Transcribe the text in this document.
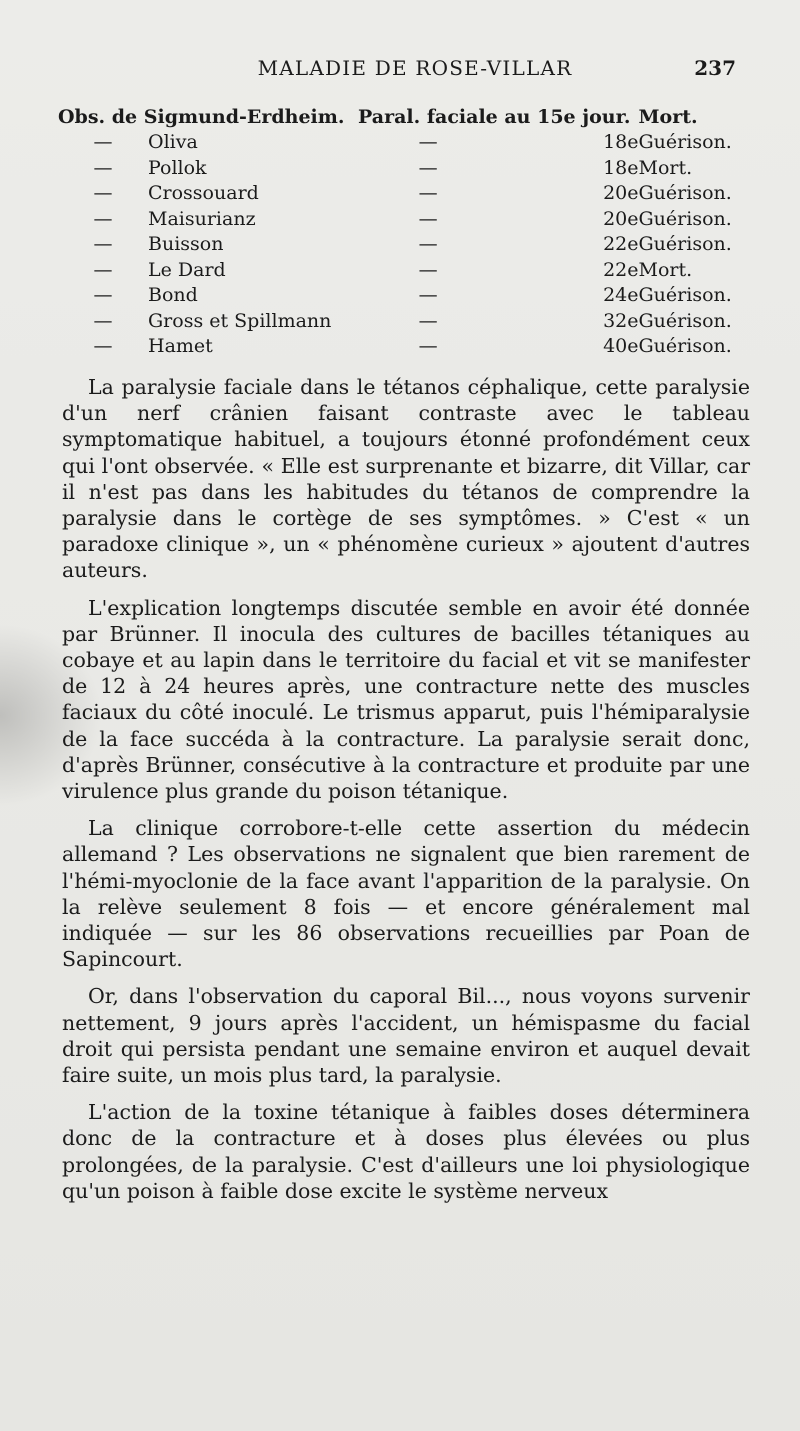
MALADIE DE ROSE-VILLAR	237
Obs. de Sigmund-Erdheim.		Paral. faciale au 15e jour.		Mort.
—	Oliva	—	18e	Guérison.
—	Pollok	—	18e	Mort.
—	Crossouard	—	20e	Guérison.
—	Maisurianz	—	20e	Guérison.
—	Buisson	—	22e	Guérison.
—	Le Dard	—	22e	Mort.
—	Bond	—	24e	Guérison.
—	Gross et Spillmann	—	32e	Guérison.
—	Hamet	—	40e	Guérison.

La paralysie faciale dans le tétanos céphalique, cette paralysie d'un nerf crânien faisant contraste avec le tableau symptomatique habituel, a toujours étonné profondément ceux qui l'ont observée. « Elle est surprenante et bizarre, dit Villar, car il n'est pas dans les habitudes du tétanos de comprendre la paralysie dans le cortège de ses symptômes. » C'est « un paradoxe clinique », un « phénomène curieux » ajoutent d'autres auteurs.

L'explication longtemps discutée semble en avoir été donnée par Brünner. Il inocula des cultures de bacilles tétaniques au cobaye et au lapin dans le territoire du facial et vit se manifester de 12 à 24 heures après, une contracture nette des muscles faciaux du côté inoculé. Le trismus apparut, puis l'hémiparalysie de la face succéda à la contracture. La paralysie serait donc, d'après Brünner, consécutive à la contracture et produite par une virulence plus grande du poison tétanique.

La clinique corrobore-t-elle cette assertion du médecin allemand ? Les observations ne signalent que bien rarement de l'hémi-myoclonie de la face avant l'apparition de la paralysie. On la relève seulement 8 fois — et encore généralement mal indiquée — sur les 86 observations recueillies par Poan de Sapincourt.

Or, dans l'observation du caporal Bil..., nous voyons survenir nettement, 9 jours après l'accident, un hémispasme du facial droit qui persista pendant une semaine environ et auquel devait faire suite, un mois plus tard, la paralysie.

L'action de la toxine tétanique à faibles doses déterminera donc de la contracture et à doses plus élevées ou plus prolongées, de la paralysie. C'est d'ailleurs une loi physiologique qu'un poison à faible dose excite le système nerveux
